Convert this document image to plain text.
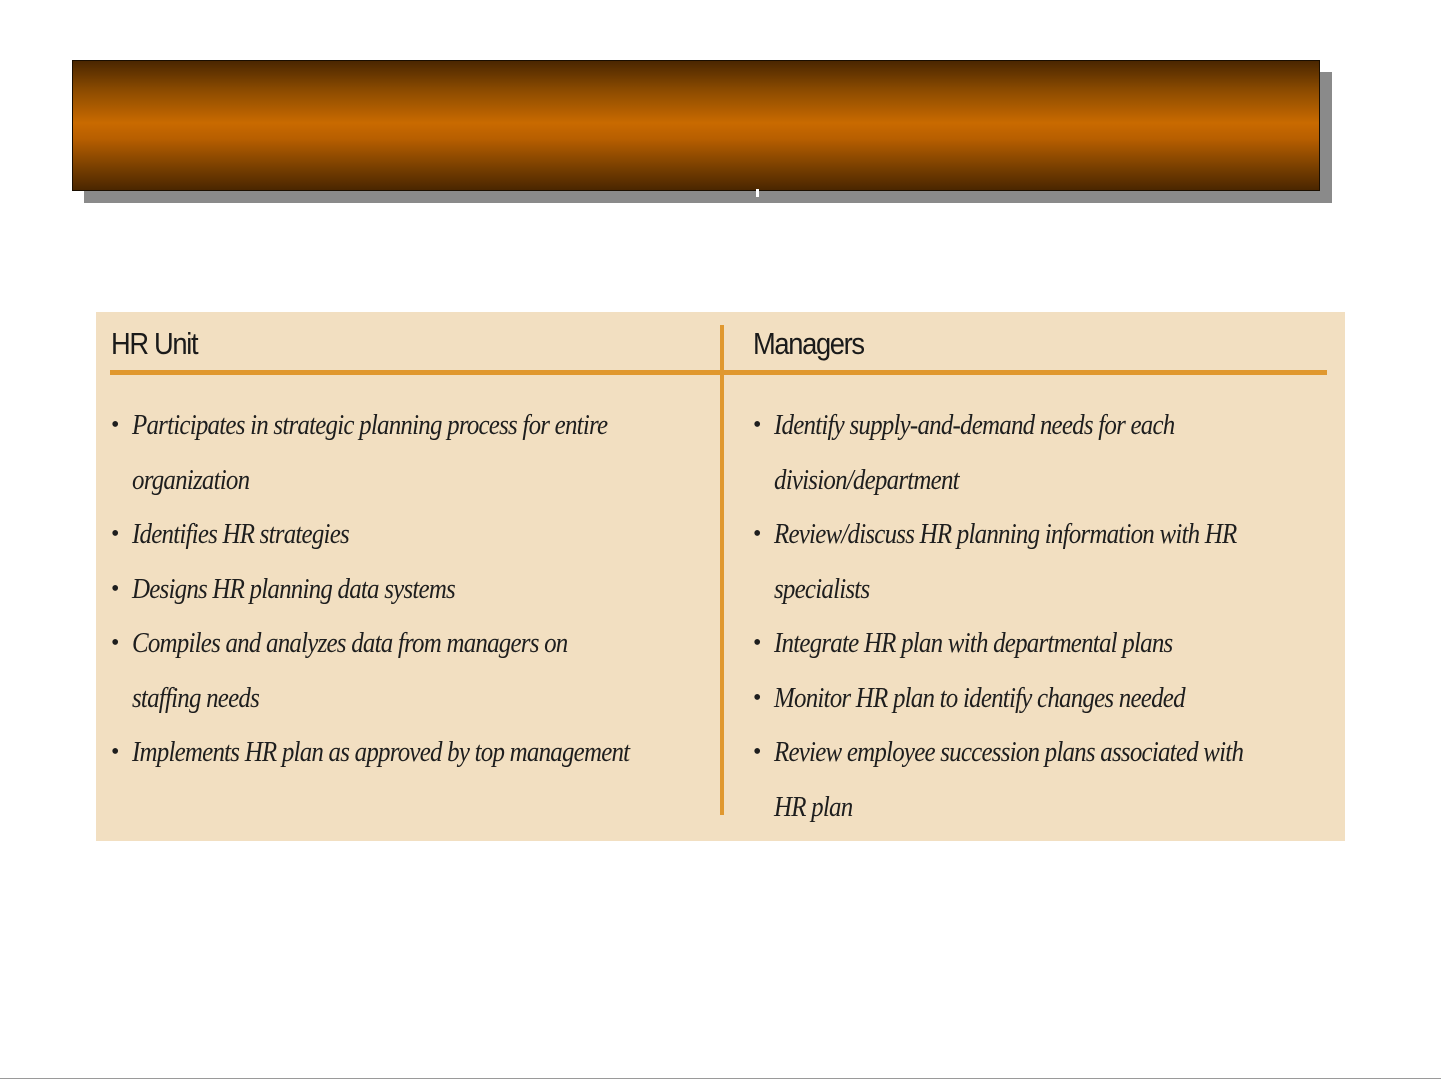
HR Unit
• Participates in strategic planning process for entire
organization
• Identifies HR strategies
• Designs HR planning data systems
• Compiles and analyzes data from managers on
staffing needs
• Implements HR plan as approved by top management
Managers
• Identify supply-and-demand needs for each
division/department
• Review/discuss HR planning information with HR
specialists
• Integrate HR plan with departmental plans
• Monitor HR plan to identify changes needed
• Review employee succession plans associated with
HR plan
